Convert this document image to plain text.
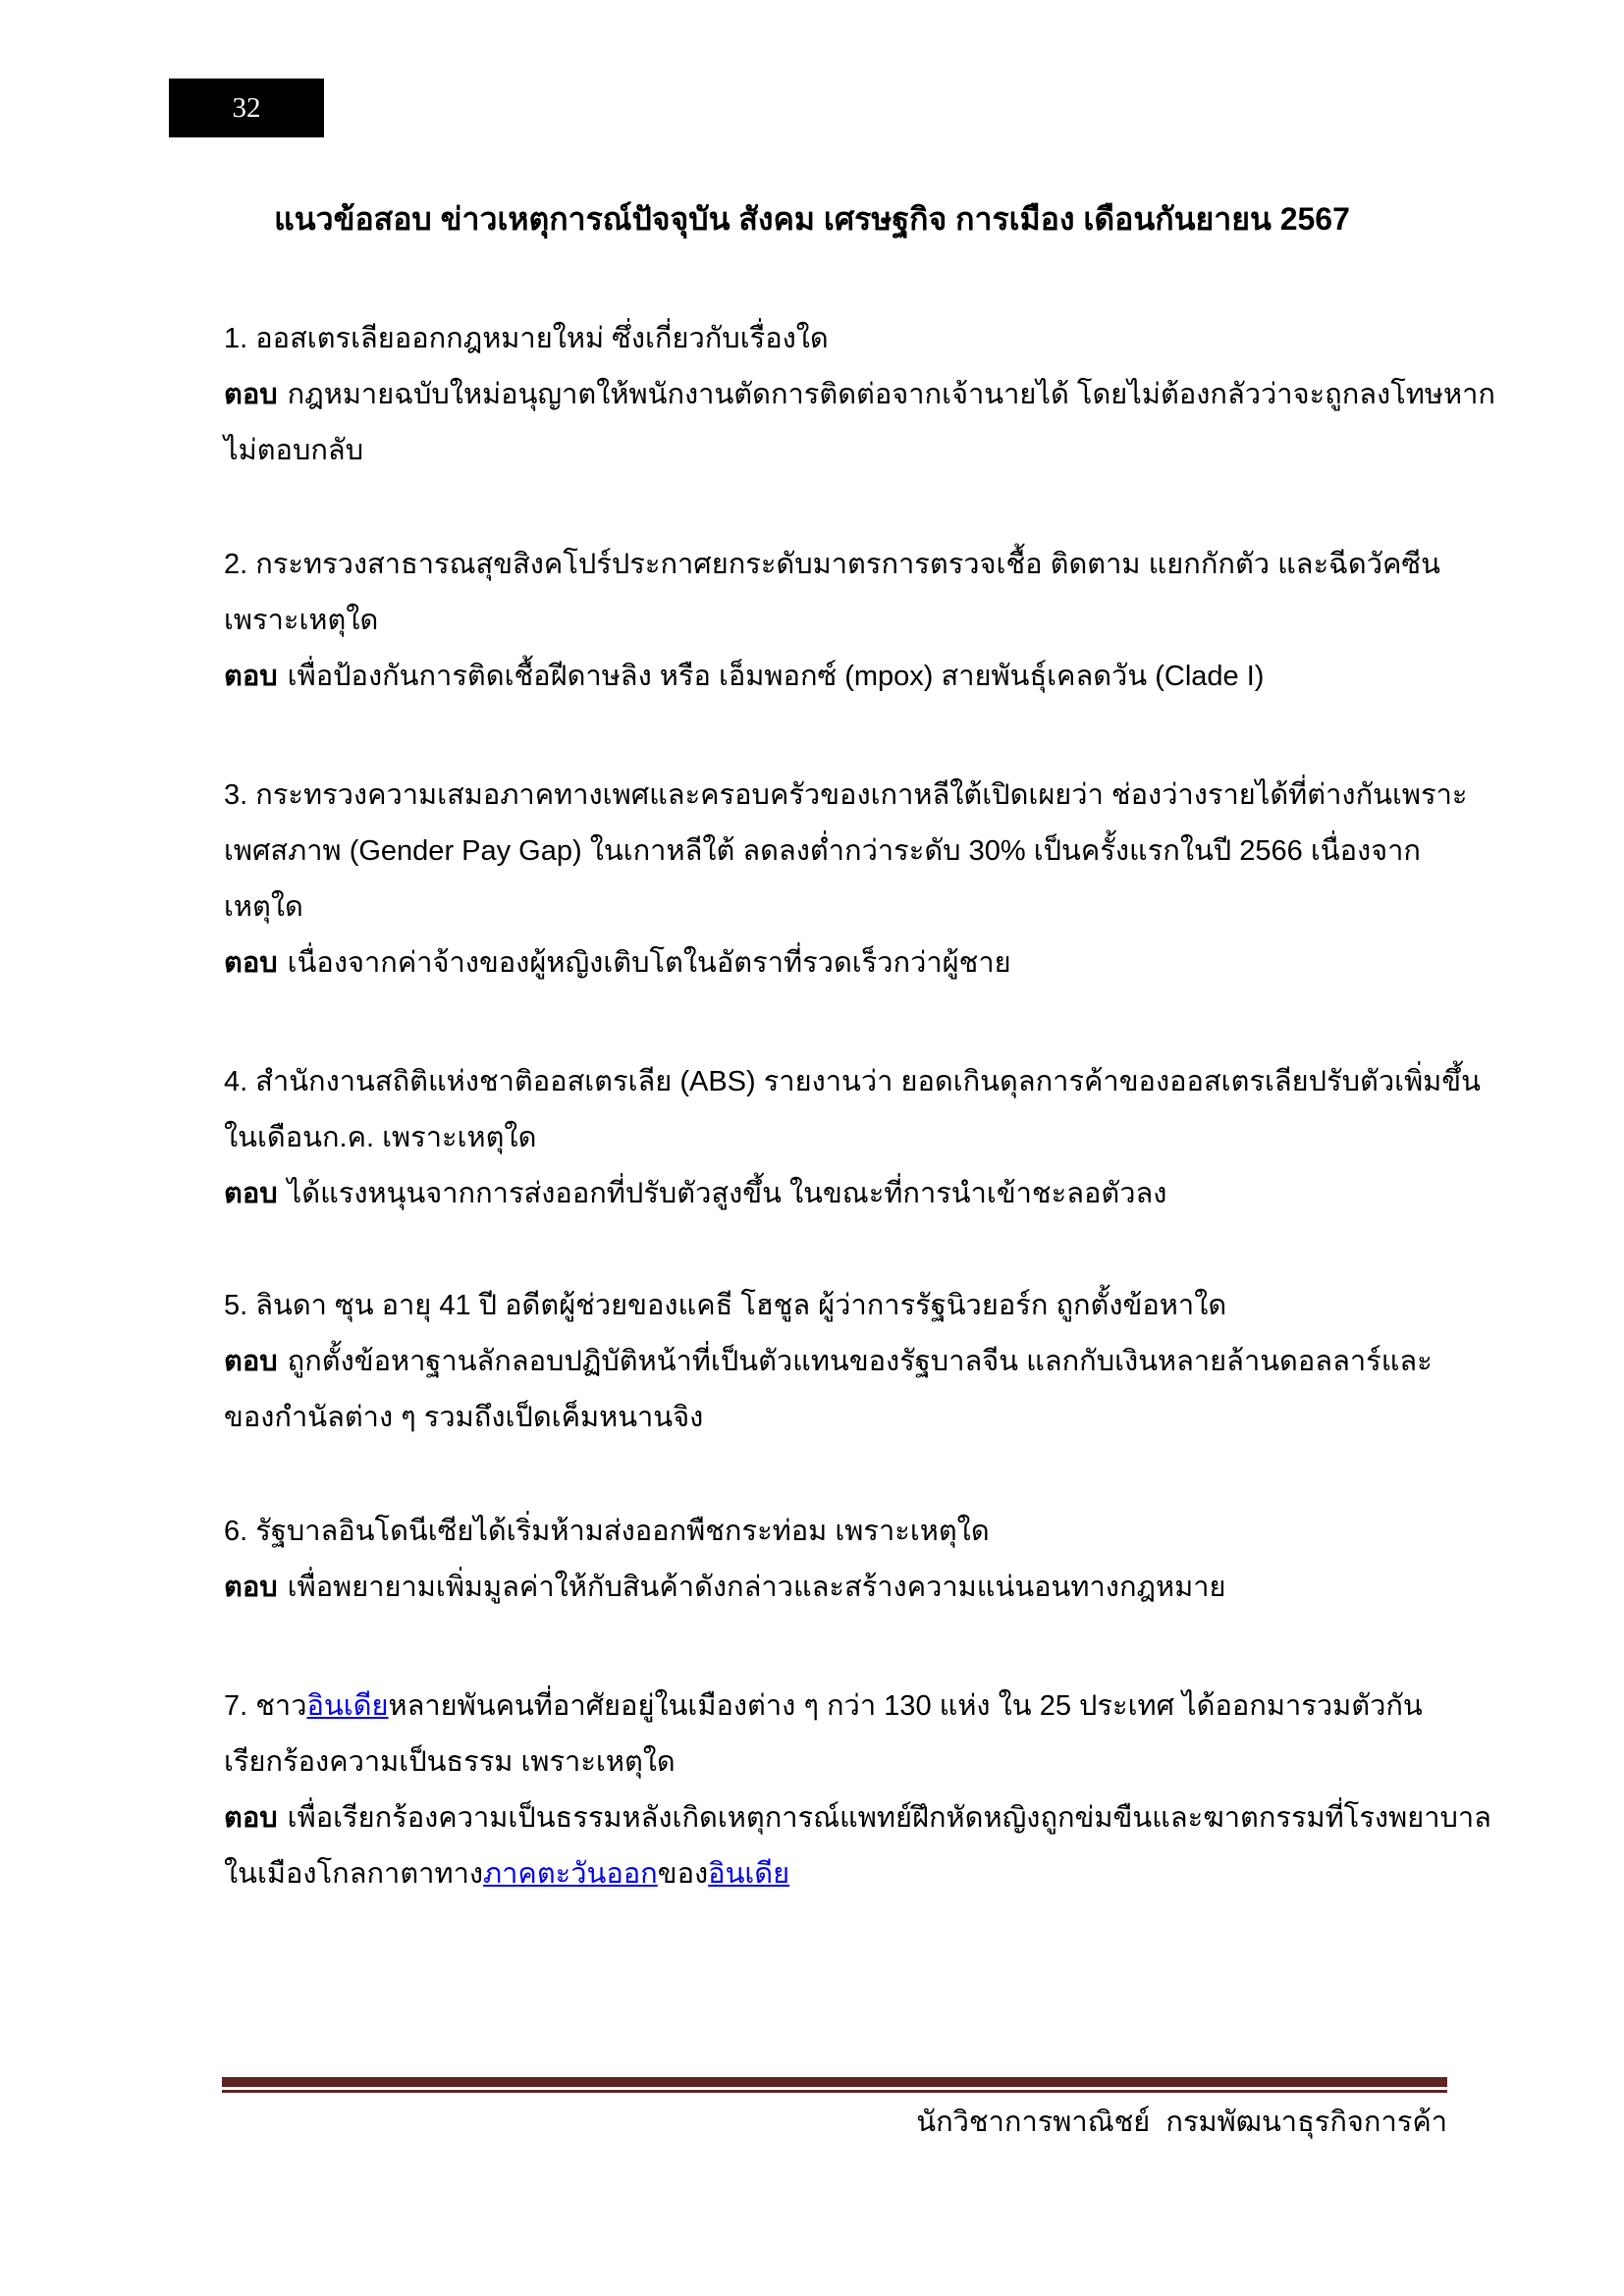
32
แนวข้อสอบ ข่าวเหตุการณ์ปัจจุบัน สังคม เศรษฐกิจ การเมือง เดือนกันยายน 2567
1. ออสเตรเลียออกกฎหมายใหม่ ซึ่งเกี่ยวกับเรื่องใด
ตอบ กฎหมายฉบับใหม่อนุญาตให้พนักงานตัดการติดต่อจากเจ้านายได้ โดยไม่ต้องกลัวว่าจะถูกลงโทษหาก
ไม่ตอบกลับ
2. กระทรวงสาธารณสุขสิงคโปร์ประกาศยกระดับมาตรการตรวจเชื้อ ติดตาม แยกกักตัว และฉีดวัคซีน
เพราะเหตุใด
ตอบ เพื่อป้องกันการติดเชื้อฝีดาษลิง หรือ เอ็มพอกซ์ (mpox) สายพันธุ์เคลดวัน (Clade I)
3. กระทรวงความเสมอภาคทางเพศและครอบครัวของเกาหลีใต้เปิดเผยว่า ช่องว่างรายได้ที่ต่างกันเพราะ
เพศสภาพ (Gender Pay Gap) ในเกาหลีใต้ ลดลงต่ำกว่าระดับ 30% เป็นครั้งแรกในปี 2566 เนื่องจาก
เหตุใด
ตอบ เนื่องจากค่าจ้างของผู้หญิงเติบโตในอัตราที่รวดเร็วกว่าผู้ชาย
4. สำนักงานสถิติแห่งชาติออสเตรเลีย (ABS) รายงานว่า ยอดเกินดุลการค้าของออสเตรเลียปรับตัวเพิ่มขึ้น
ในเดือนก.ค. เพราะเหตุใด
ตอบ ได้แรงหนุนจากการส่งออกที่ปรับตัวสูงขึ้น ในขณะที่การนำเข้าชะลอตัวลง
5. ลินดา ซุน อายุ 41 ปี อดีตผู้ช่วยของแคธี โฮชูล ผู้ว่าการรัฐนิวยอร์ก ถูกตั้งข้อหาใด
ตอบ ถูกตั้งข้อหาฐานลักลอบปฏิบัติหน้าที่เป็นตัวแทนของรัฐบาลจีน แลกกับเงินหลายล้านดอลลาร์และ
ของกำนัลต่าง ๆ รวมถึงเป็ดเค็มหนานจิง
6. รัฐบาลอินโดนีเซียได้เริ่มห้ามส่งออกพืชกระท่อม เพราะเหตุใด
ตอบ เพื่อพยายามเพิ่มมูลค่าให้กับสินค้าดังกล่าวและสร้างความแน่นอนทางกฎหมาย
7. ชาวอินเดียหลายพันคนที่อาศัยอยู่ในเมืองต่าง ๆ กว่า 130 แห่ง ใน 25 ประเทศ ได้ออกมารวมตัวกัน
เรียกร้องความเป็นธรรม เพราะเหตุใด
ตอบ เพื่อเรียกร้องความเป็นธรรมหลังเกิดเหตุการณ์แพทย์ฝึกหัดหญิงถูกข่มขืนและฆาตกรรมที่โรงพยาบาล
ในเมืองโกลกาตาทางภาคตะวันออกของอินเดีย
นักวิชาการพาณิชย์  กรมพัฒนาธุรกิจการค้า
